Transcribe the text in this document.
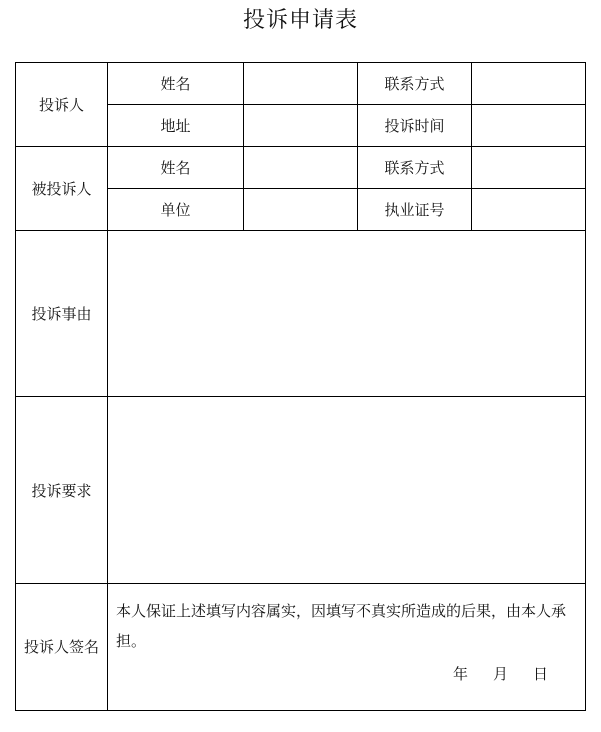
投诉申请表
投诉人	姓名		联系方式	
	地址		投诉时间	
被投诉人	姓名		联系方式	
	单位		执业证号	
投诉事由				
投诉要求				
投诉人签名	本人保证上述填写内容属实，因填写不真实所造成的后果，由本人承担。
年 月 日			
